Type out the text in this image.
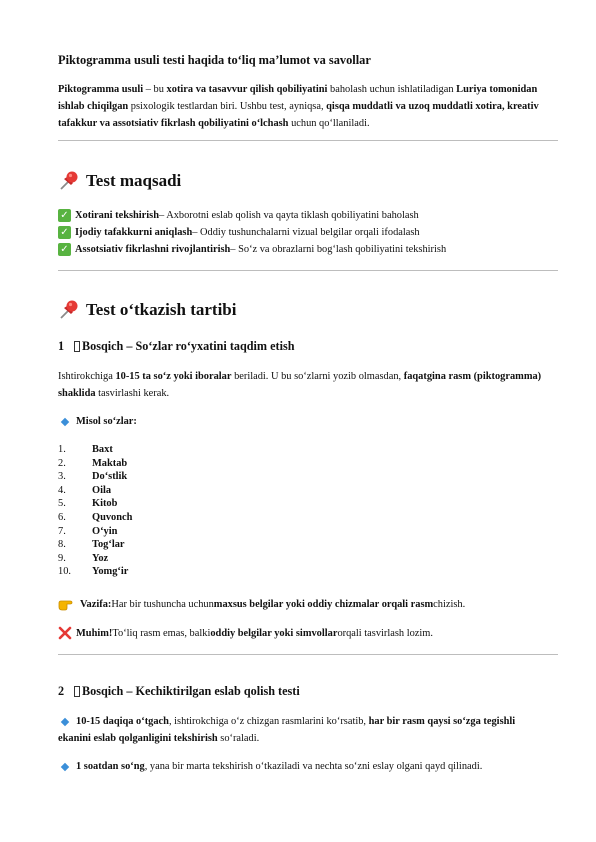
Piktogramma usuli testi haqida to‘liq ma’lumot va savollar
Piktogramma usuli – bu xotira va tasavvur qilish qobiliyatini baholash uchun ishlatiladigan Luriya tomonidan ishlab chiqilgan psixologik testlardan biri. Ushbu test, ayniqsa, qisqa muddatli va uzoq muddatli xotira, kreativ tafakkur va assotsiativ fikrlash qobiliyatini o‘lchash uchun qo‘llaniladi.
Test maqsadi
✓ Xotirani tekshirish – Axborotni eslab qolish va qayta tiklash qobiliyatini baholash
✓ Ijodiy tafakkurni aniqlash – Oddiy tushunchalarni vizual belgilar orqali ifodalash
✓ Assotsiativ fikrlashni rivojlantirish – So‘z va obrazlarni bog‘lash qobiliyatini tekshirish
Test o‘tkazish tartibi
1	Bosqich – So‘zlar ro‘yxatini taqdim etish
Ishtirokchiga 10-15 ta so‘z yoki iboralar beriladi. U bu so‘zlarni yozib olmasdan, faqatgina rasm (piktogramma) shaklida tasvirlashi kerak.
Misol so‘zlar:
1.	Baxt
2.	Maktab
3.	Do‘stlik
4.	Oila
5.	Kitob
6.	Quvonch
7.	O‘yin
8.	Tog‘lar
9.	Yoz
10. Yomg‘ir
Vazifa: Har bir tushuncha uchun maxsus belgilar yoki oddiy chizmalar orqali rasm chizish.
Muhim! To‘liq rasm emas, balki oddiy belgilar yoki simvollar orqali tasvirlash lozim.
2	Bosqich – Kechiktirilgan eslab qolish testi
10-15 daqiqa o‘tgach, ishtirokchiga o‘z chizgan rasmlarini ko‘rsatib, har bir rasm qaysi so‘zga tegishli ekanini eslab qolganligini tekshirish so‘raladi.
1 soatdan so‘ng, yana bir marta tekshirish o‘tkaziladi va nechta so‘zni eslay olgani qayd qilinadi.
